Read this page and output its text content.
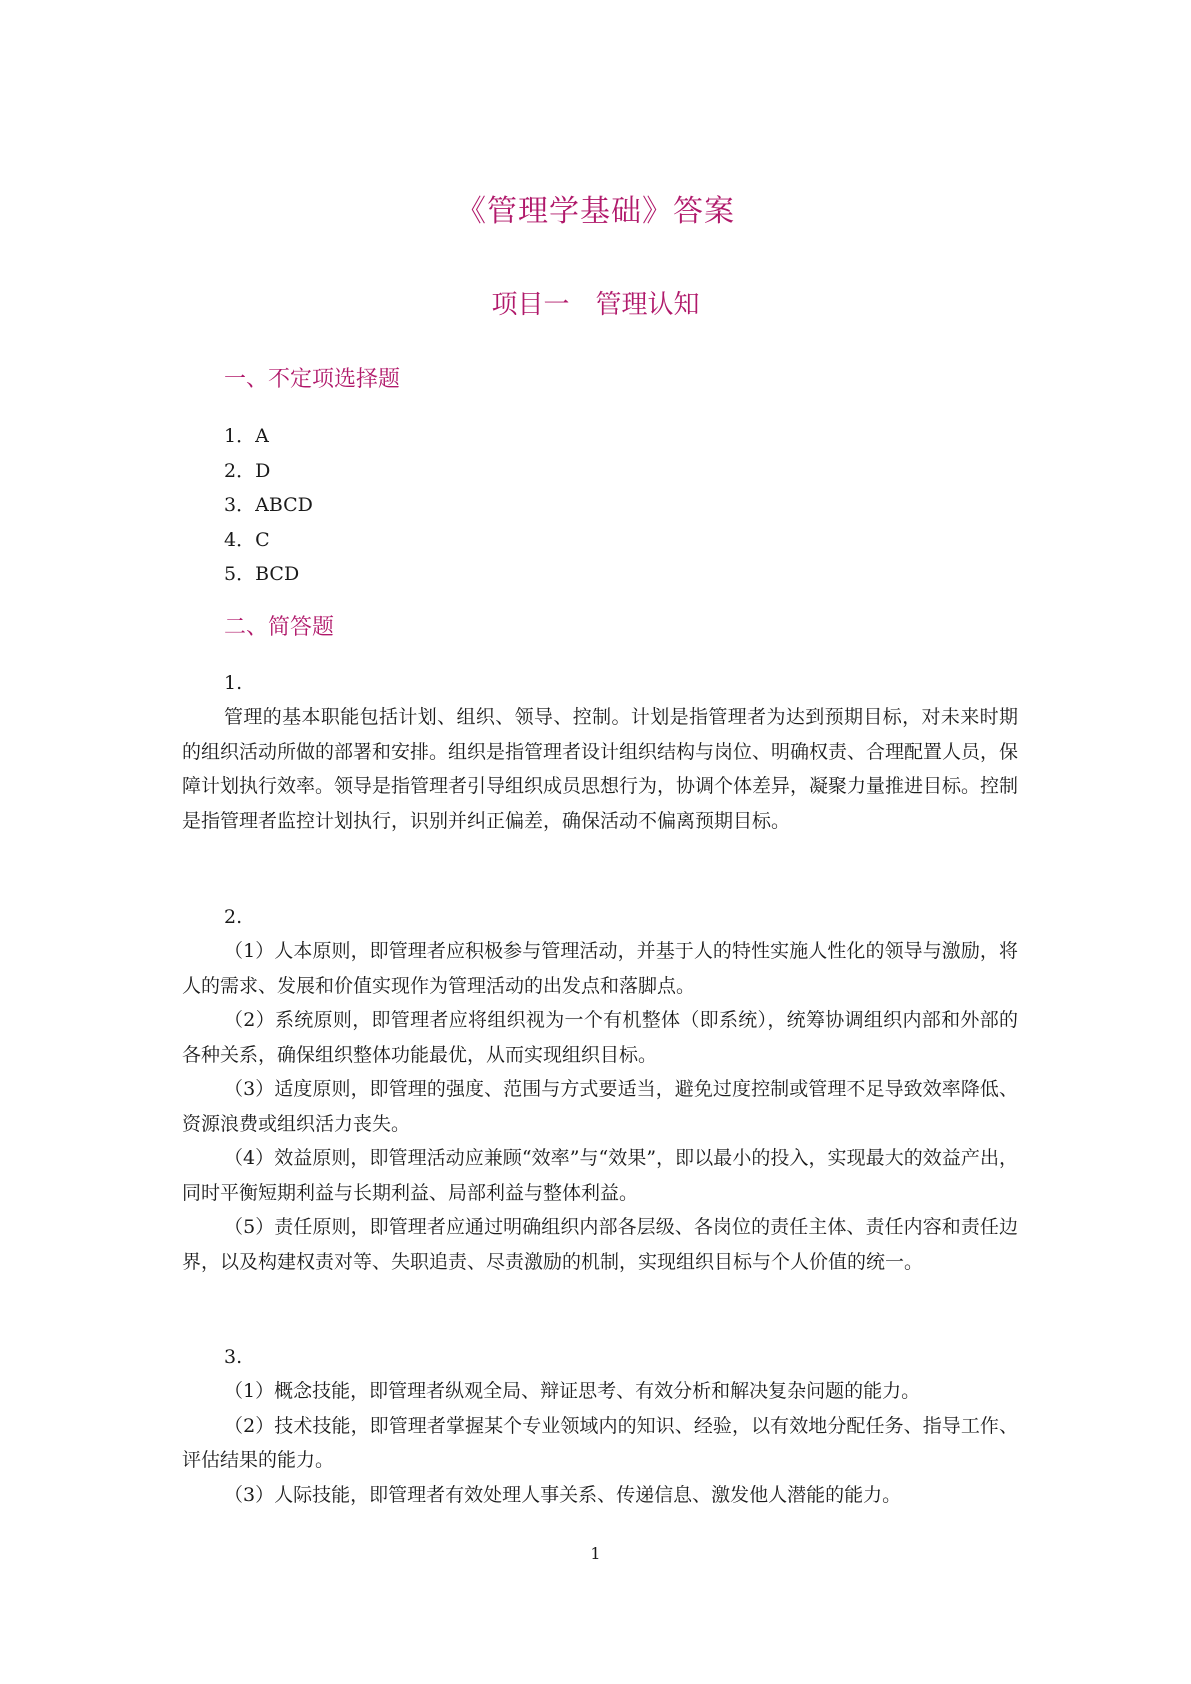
《管理学基础》答案
项目一　管理认知
一、不定项选择题
1．A
2．D
3．ABCD
4．C
5．BCD
二、简答题
1.

管理的基本职能包括计划、组织、领导、控制。计划是指管理者为达到预期目标，对未来时期的组织活动所做的部署和安排。组织是指管理者设计组织结构与岗位、明确权责、合理配置人员，保障计划执行效率。领导是指管理者引导组织成员思想行为，协调个体差异，凝聚力量推进目标。控制是指管理者监控计划执行，识别并纠正偏差，确保活动不偏离预期目标。

2.

（1）人本原则，即管理者应积极参与管理活动，并基于人的特性实施人性化的领导与激励，将人的需求、发展和价值实现作为管理活动的出发点和落脚点。

（2）系统原则，即管理者应将组织视为一个有机整体（即系统），统筹协调组织内部和外部的各种关系，确保组织整体功能最优，从而实现组织目标。

（3）适度原则，即管理的强度、范围与方式要适当，避免过度控制或管理不足导致效率降低、资源浪费或组织活力丧失。

（4）效益原则，即管理活动应兼顾“效率”与“效果”，即以最小的投入，实现最大的效益产出，同时平衡短期利益与长期利益、局部利益与整体利益。

（5）责任原则，即管理者应通过明确组织内部各层级、各岗位的责任主体、责任内容和责任边界，以及构建权责对等、失职追责、尽责激励的机制，实现组织目标与个人价值的统一。

3.

（1）概念技能，即管理者纵观全局、辩证思考、有效分析和解决复杂问题的能力。

（2）技术技能，即管理者掌握某个专业领域内的知识、经验，以有效地分配任务、指导工作、评估结果的能力。

（3）人际技能，即管理者有效处理人事关系、传递信息、激发他人潜能的能力。

1
